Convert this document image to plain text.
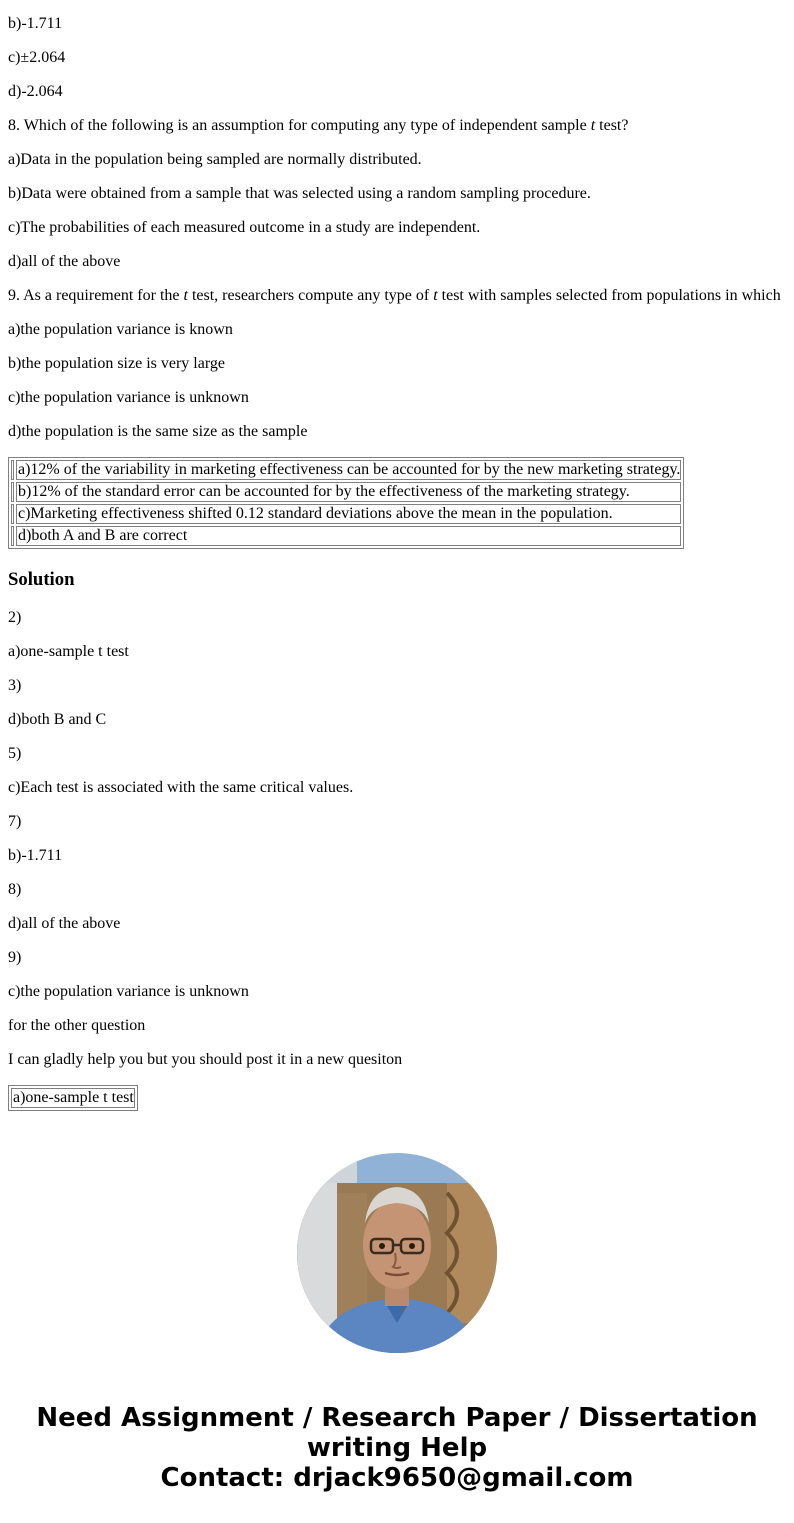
b)-1.711
c)±2.064
d)-2.064
8. Which of the following is an assumption for computing any type of independent sample t test?
a)Data in the population being sampled are normally distributed.
b)Data were obtained from a sample that was selected using a random sampling procedure.
c)The probabilities of each measured outcome in a study are independent.
d)all of the above
9. As a requirement for the t test, researchers compute any type of t test with samples selected from populations in which
a)the population variance is known
b)the population size is very large
c)the population variance is unknown
d)the population is the same size as the sample
	a)12% of the variability in marketing effectiveness can be accounted for by the new marketing strategy.
	b)12% of the standard error can be accounted for by the effectiveness of the marketing strategy.
	c)Marketing effectiveness shifted 0.12 standard deviations above the mean in the population.
	d)both A and B are correct
Solution
2)
a)one-sample t test
3)
d)both B and C
5)
c)Each test is associated with the same critical values.
7)
b)-1.711
8)
d)all of the above
9)
c)the population variance is unknown
for the other question
I can gladly help you but you should post it in a new quesiton
a)one-sample t test
Need Assignment / Research Paper / Dissertation
writing Help
Contact: drjack9650@gmail.com
